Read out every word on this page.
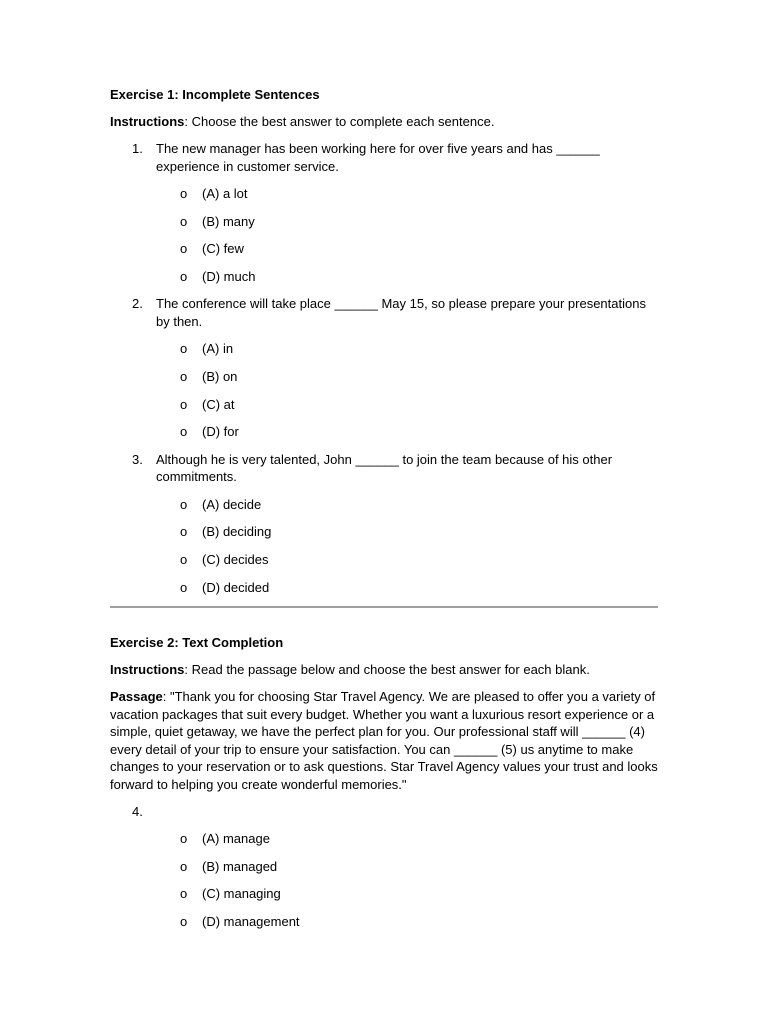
Exercise 1: Incomplete Sentences
Instructions: Choose the best answer to complete each sentence.
1. The new manager has been working here for over five years and has ______ experience in customer service.
o (A) a lot
o (B) many
o (C) few
o (D) much
2. The conference will take place ______ May 15, so please prepare your presentations by then.
o (A) in
o (B) on
o (C) at
o (D) for
3. Although he is very talented, John ______ to join the team because of his other commitments.
o (A) decide
o (B) deciding
o (C) decides
o (D) decided
Exercise 2: Text Completion
Instructions: Read the passage below and choose the best answer for each blank.
Passage: "Thank you for choosing Star Travel Agency. We are pleased to offer you a variety of vacation packages that suit every budget. Whether you want a luxurious resort experience or a simple, quiet getaway, we have the perfect plan for you. Our professional staff will ______ (4) every detail of your trip to ensure your satisfaction. You can ______ (5) us anytime to make changes to your reservation or to ask questions. Star Travel Agency values your trust and looks forward to helping you create wonderful memories."
4.
o (A) manage
o (B) managed
o (C) managing
o (D) management
